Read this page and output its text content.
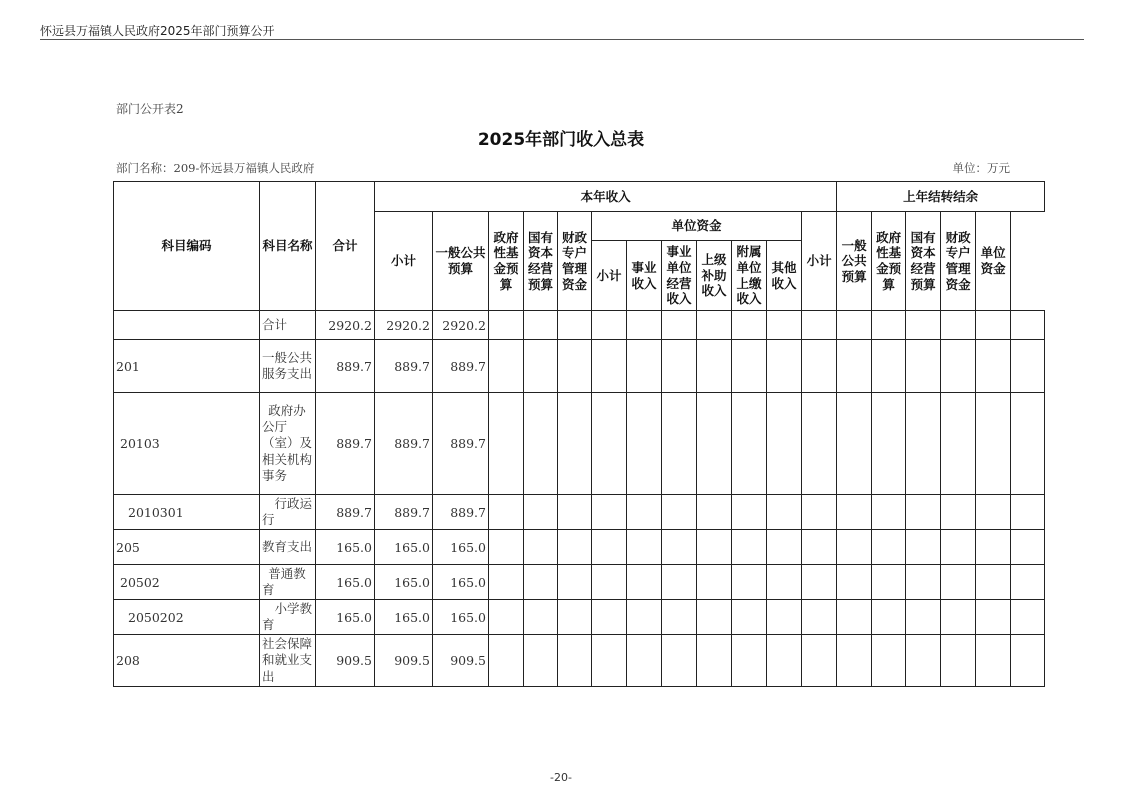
怀远县万福镇人民政府2025年部门预算公开
部门公开表2
2025年部门收入总表
部门名称：209-怀远县万福镇人民政府	单位：万元
科目编码	科目名称	合计	本年收入												上年结转结余					
			小计	一般公共预算	政府性基金预算	国有资本经营预算	财政专户管理资金	单位资金						小计	一般公共预算	政府性基金预算	国有资本经营预算	财政专户管理资金	单位资金	
								小计	事业收入	事业单位经营收入	上级补助收入	附属单位上缴收入	其他收入							
	合计	2920.2	2920.2	2920.2																
201	一般公共服务支出	889.7	889.7	889.7																
20103	政府办公厅（室）及相关机构事务	889.7	889.7	889.7																
2010301	行政运行	889.7	889.7	889.7																
205	教育支出	165.0	165.0	165.0																
20502	普通教育	165.0	165.0	165.0																
2050202	小学教育	165.0	165.0	165.0																
208	社会保障和就业支出	909.5	909.5	909.5																
-20-
